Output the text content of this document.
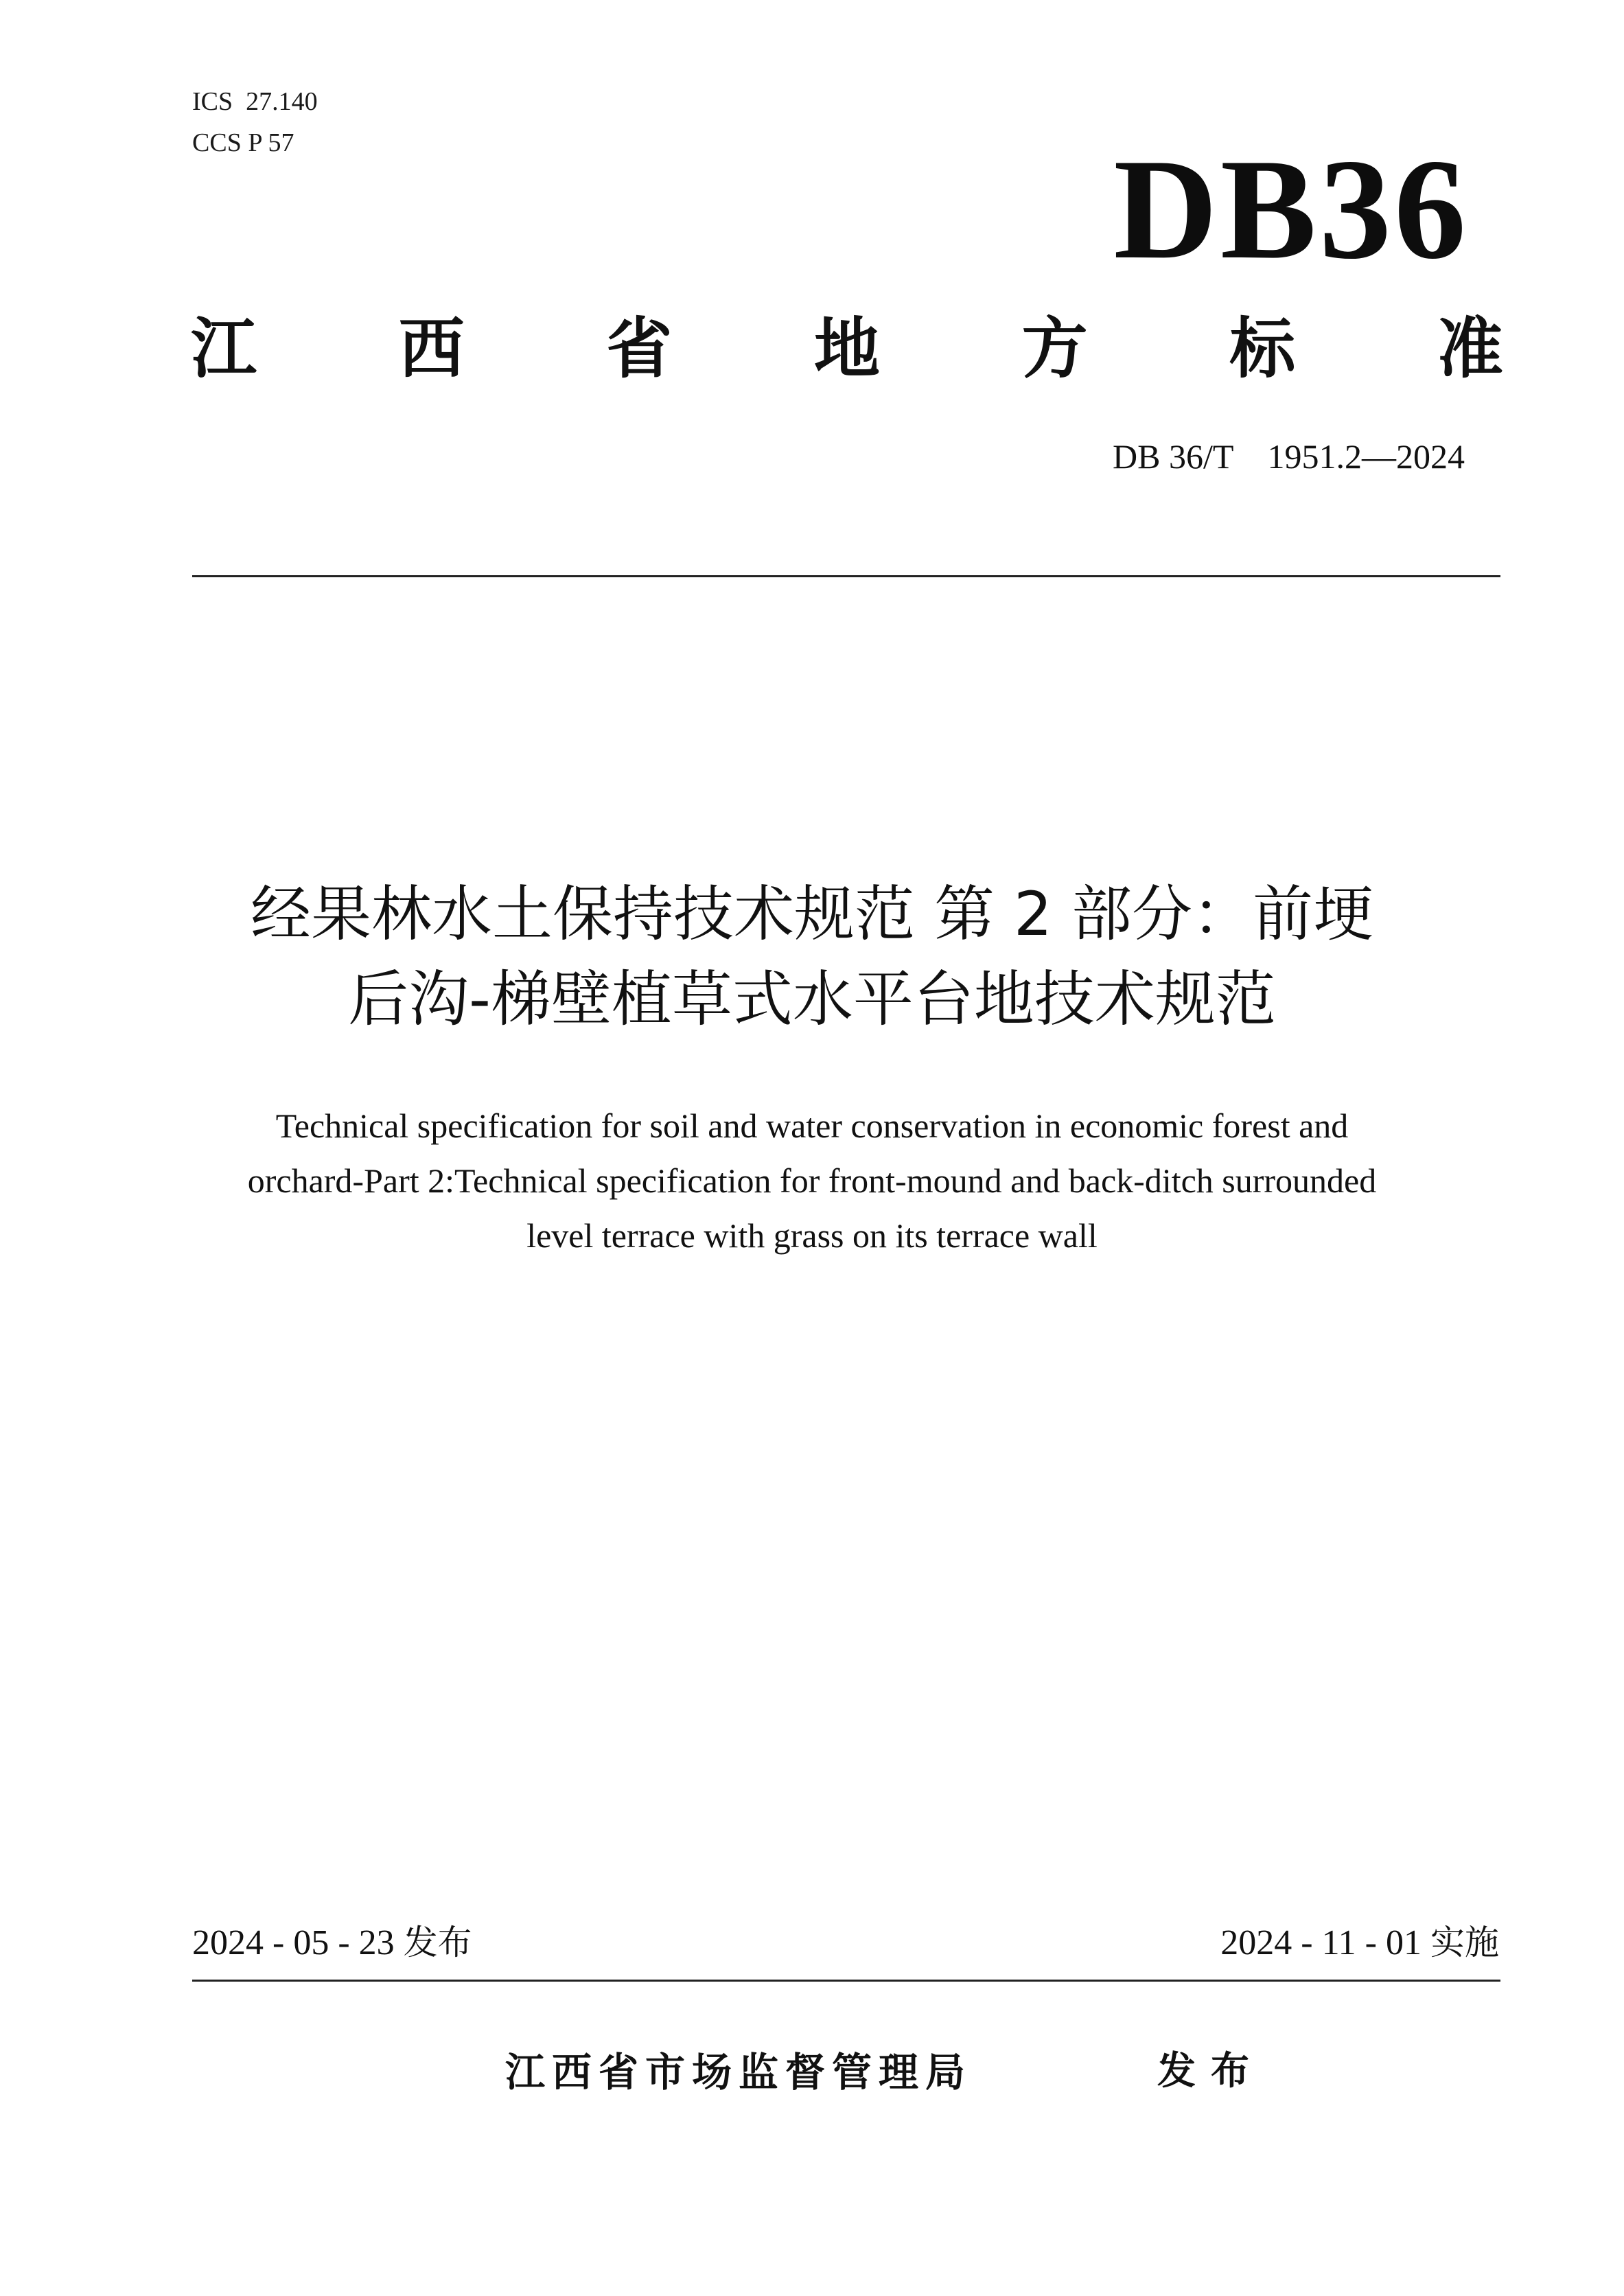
ICS  27.140
CCS P 57	DB36
江 西 省 地 方 标 准
DB 36/T    1951.2—2024
经果林水土保持技术规范 第 2 部分：前埂
后沟-梯壁植草式水平台地技术规范
Technical specification for soil and water conservation in economic forest and
orchard-Part 2:Technical specification for front-mound and back-ditch surrounded
level terrace with grass on its terrace wall
2024 - 05 - 23 发布	2024 - 11 - 01 实施
江西省市场监督管理局	发布
